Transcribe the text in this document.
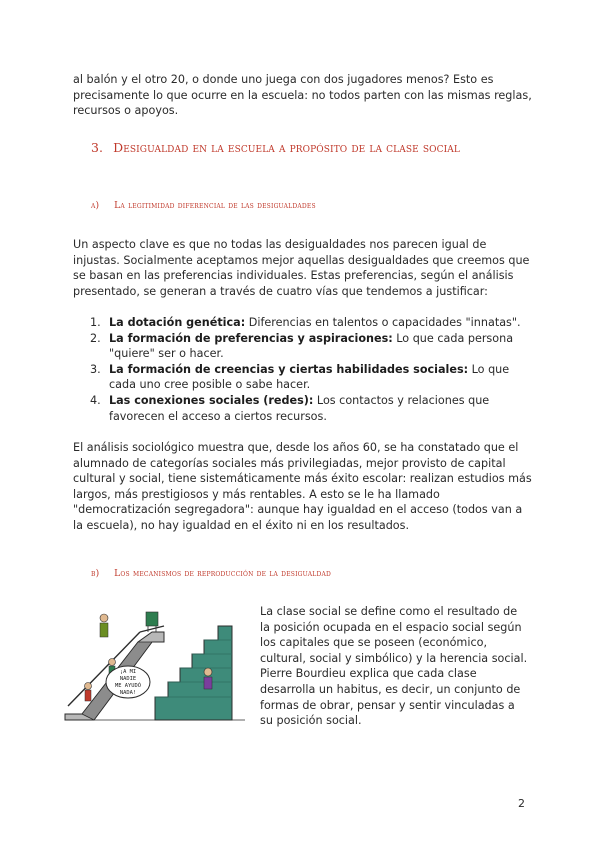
al balón y el otro 20, o donde uno juega con dos jugadores menos? Esto es precisamente lo que ocurre en la escuela: no todos parten con las mismas reglas, recursos o apoyos.
3. Desigualdad en la escuela a propósito de la clase social
a) La legitimidad diferencial de las desigualdades
Un aspecto clave es que no todas las desigualdades nos parecen igual de injustas. Socialmente aceptamos mejor aquellas desigualdades que creemos que se basan en las preferencias individuales. Estas preferencias, según el análisis presentado, se generan a través de cuatro vías que tendemos a justificar:
1. La dotación genética: Diferencias en talentos o capacidades "innatas".
2. La formación de preferencias y aspiraciones: Lo que cada persona "quiere" ser o hacer.
3. La formación de creencias y ciertas habilidades sociales: Lo que cada uno cree posible o sabe hacer.
4. Las conexiones sociales (redes): Los contactos y relaciones que favorecen el acceso a ciertos recursos.
El análisis sociológico muestra que, desde los años 60, se ha constatado que el alumnado de categorías sociales más privilegiadas, mejor provisto de capital cultural y social, tiene sistemáticamente más éxito escolar: realizan estudios más largos, más prestigiosos y más rentables. A esto se le ha llamado "democratización segregadora": aunque hay igualdad en el acceso (todos van a la escuela), no hay igualdad en el éxito ni en los resultados.
b) Los mecanismos de reproducción de la desigualdad
¡A MI
NADIE
ME AYUDÓ
NADA!
La clase social se define como el resultado de la posición ocupada en el espacio social según los capitales que se poseen (económico, cultural, social y simbólico) y la herencia social. Pierre Bourdieu explica que cada clase desarrolla un habitus, es decir, un conjunto de formas de obrar, pensar y sentir vinculadas a su posición social.
2
